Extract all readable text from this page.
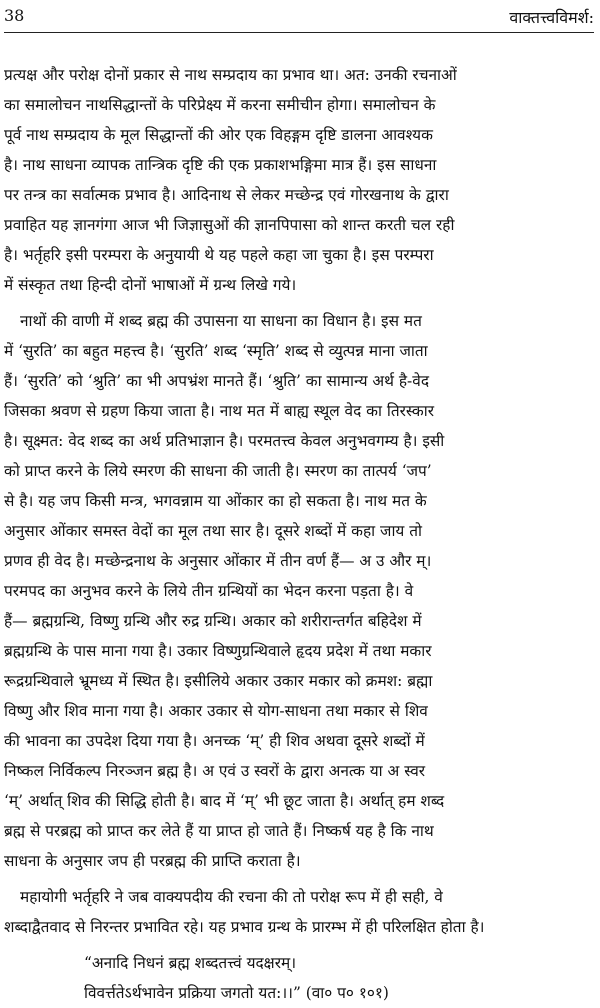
38	वाक्तत्त्वविमर्श:

प्रत्यक्ष और परोक्ष दोनों प्रकार से नाथ सम्प्रदाय का प्रभाव था। अत: उनकी रचनाओं
का समालोचन नाथसिद्धान्तों के परिप्रेक्ष्य में करना समीचीन होगा। समालोचन के
पूर्व नाथ सम्प्रदाय के मूल सिद्धान्तों की ओर एक विहङ्गम दृष्टि डालना आवश्यक
है। नाथ साधना व्यापक तान्त्रिक दृष्टि की एक प्रकाशभङ्गिमा मात्र हैं। इस साधना
पर तन्त्र का सर्वात्मक प्रभाव है। आदिनाथ से लेकर मच्छेन्द्र एवं गोरखनाथ के द्वारा
प्रवाहित यह ज्ञानगंगा आज भी जिज्ञासुओं की ज्ञानपिपासा को शान्त करती चल रही
है। भर्तृहरि इसी परम्परा के अनुयायी थे यह पहले कहा जा चुका है। इस परम्परा
में संस्कृत तथा हिन्दी दोनों भाषाओं में ग्रन्थ लिखे गये।

नाथों की वाणी में शब्द ब्रह्म की उपासना या साधना का विधान है। इस मत
में ‘सुरति’ का बहुत महत्त्व है। ‘सुरति’ शब्द ‘स्मृति’ शब्द से व्युत्पन्न माना जाता
हैं। ‘सुरति’ को ‘श्रुति’ का भी अपभ्रंश मानते हैं। ‘श्रुति’ का सामान्य अर्थ है-वेद
जिसका श्रवण से ग्रहण किया जाता है। नाथ मत में बाह्य स्थूल वेद का तिरस्कार
है। सूक्ष्मत: वेद शब्द का अर्थ प्रतिभाज्ञान है। परमतत्त्व केवल अनुभवगम्य है। इसी
को प्राप्त करने के लिये स्मरण की साधना की जाती है। स्मरण का तात्पर्य ‘जप’
से है। यह जप किसी मन्त्र, भगवन्नाम या ओंकार का हो सकता है। नाथ मत के
अनुसार ओंकार समस्त वेदों का मूल तथा सार है। दूसरे शब्दों में कहा जाय तो
प्रणव ही वेद है। मच्छेन्द्रनाथ के अनुसार ओंकार में तीन वर्ण हैं— अ उ और म्।
परमपद का अनुभव करने के लिये तीन ग्रन्थियों का भेदन करना पड़ता है। वे
हैं— ब्रह्मग्रन्थि, विष्णु ग्रन्थि और रुद्र ग्रन्थि। अकार को शरीरान्तर्गत बहिदेश में
ब्रह्मग्रन्थि के पास माना गया है। उकार विष्णुग्रन्थिवाले हृदय प्रदेश में तथा मकार
रूद्रग्रन्थिवाले भ्रूमध्य में स्थित है। इसीलिये अकार उकार मकार को क्रमश: ब्रह्मा
विष्णु और शिव माना गया है। अकार उकार से योग-साधना तथा मकार से शिव
की भावना का उपदेश दिया गया है। अनच्क ‘म्’ ही शिव अथवा दूसरे शब्दों में
निष्कल निर्विकल्प निरञ्जन ब्रह्म है। अ एवं उ स्वरों के द्वारा अनत्क या अ स्वर
‘म्’ अर्थात् शिव की सिद्धि होती है। बाद में ‘म्’ भी छूट जाता है। अर्थात् हम शब्द
ब्रह्म से परब्रह्म को प्राप्त कर लेते हैं या प्राप्त हो जाते हैं। निष्कर्ष यह है कि नाथ
साधना के अनुसार जप ही परब्रह्म की प्राप्ति कराता है।

महायोगी भर्तृहरि ने जब वाक्यपदीय की रचना की तो परोक्ष रूप में ही सही, वे
शब्दाद्वैतवाद से निरन्तर प्रभावित रहे। यह प्रभाव ग्रन्थ के प्रारम्भ में ही परिलक्षित होता है।

“अनादि निधनं ब्रह्म शब्दतत्त्वं यदक्षरम्।
विवर्त्ततेऽर्थभावेन प्रक्रिया जगतो यत:।।” (वा० प० १०१)
